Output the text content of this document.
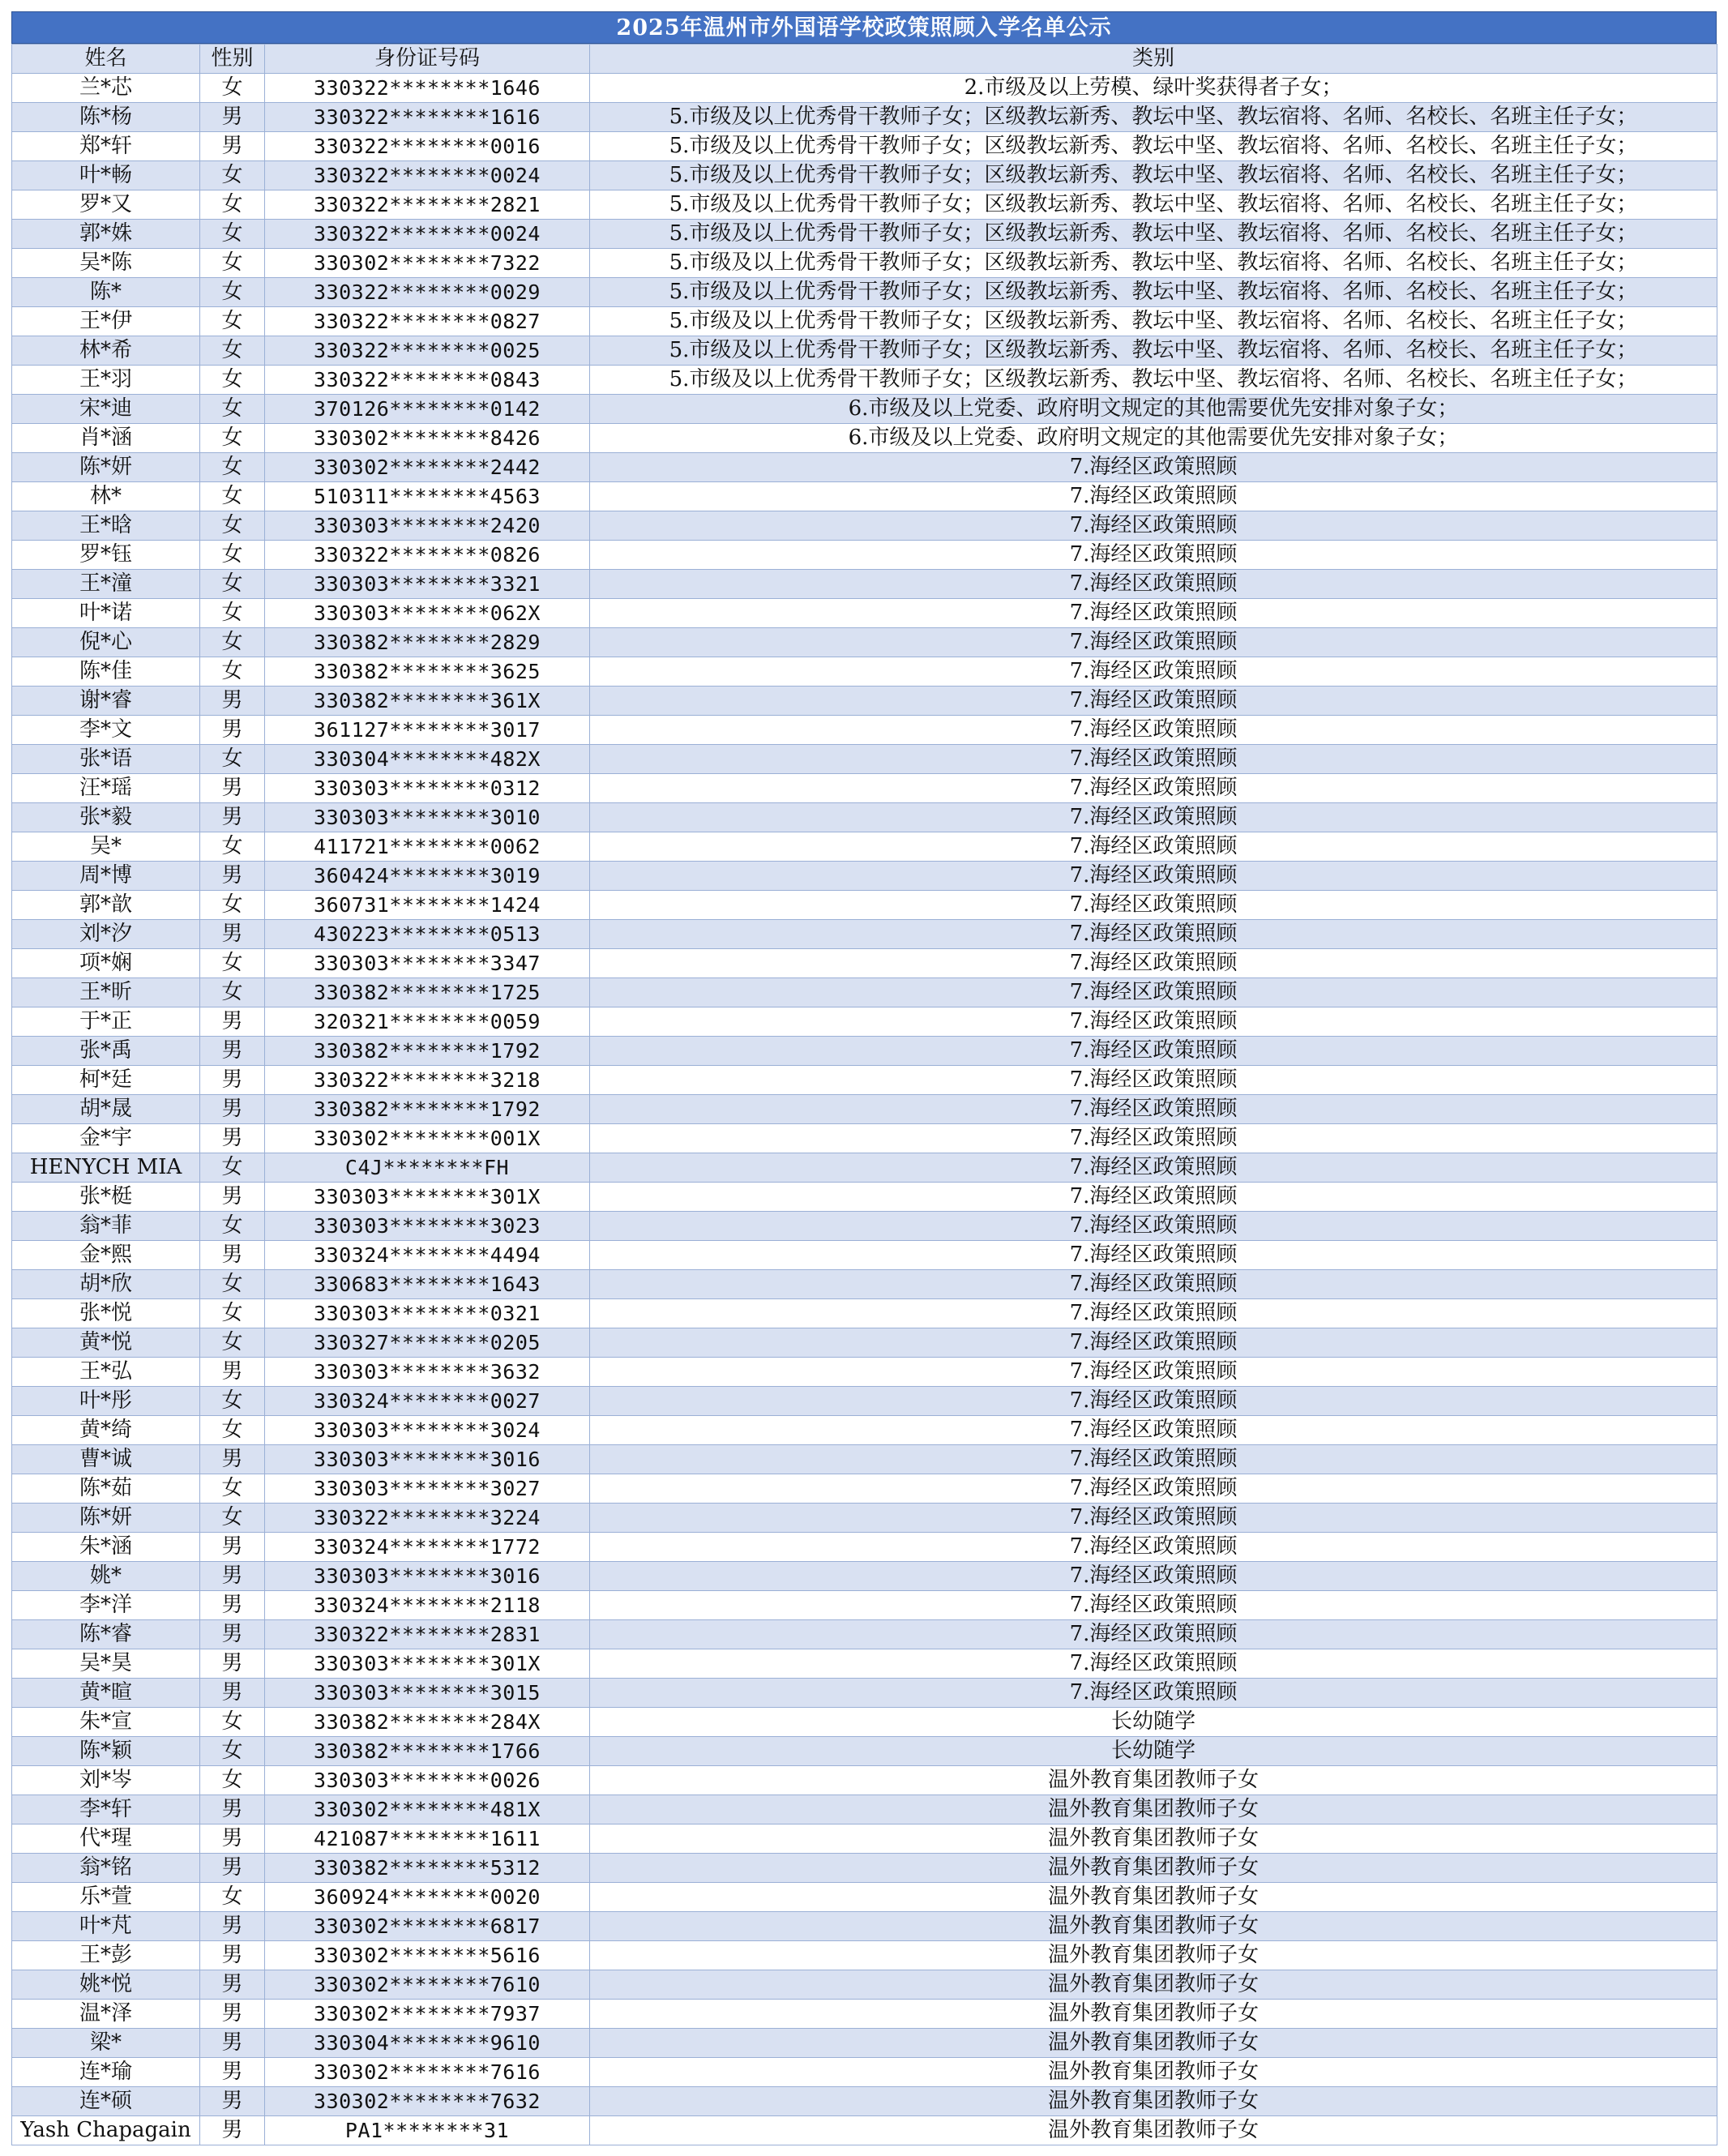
2025年温州市外国语学校政策照顾入学名单公示
姓名	性别	身份证号码	类别
兰*芯	女	330322********1646	2.市级及以上劳模、绿叶奖获得者子女；
陈*杨	男	330322********1616	5.市级及以上优秀骨干教师子女；区级教坛新秀、教坛中坚、教坛宿将、名师、名校长、名班主任子女；
郑*轩	男	330322********0016	5.市级及以上优秀骨干教师子女；区级教坛新秀、教坛中坚、教坛宿将、名师、名校长、名班主任子女；
叶*畅	女	330322********0024	5.市级及以上优秀骨干教师子女；区级教坛新秀、教坛中坚、教坛宿将、名师、名校长、名班主任子女；
罗*又	女	330322********2821	5.市级及以上优秀骨干教师子女；区级教坛新秀、教坛中坚、教坛宿将、名师、名校长、名班主任子女；
郭*姝	女	330322********0024	5.市级及以上优秀骨干教师子女；区级教坛新秀、教坛中坚、教坛宿将、名师、名校长、名班主任子女；
吴*陈	女	330302********7322	5.市级及以上优秀骨干教师子女；区级教坛新秀、教坛中坚、教坛宿将、名师、名校长、名班主任子女；
陈*	女	330322********0029	5.市级及以上优秀骨干教师子女；区级教坛新秀、教坛中坚、教坛宿将、名师、名校长、名班主任子女；
王*伊	女	330322********0827	5.市级及以上优秀骨干教师子女；区级教坛新秀、教坛中坚、教坛宿将、名师、名校长、名班主任子女；
林*希	女	330322********0025	5.市级及以上优秀骨干教师子女；区级教坛新秀、教坛中坚、教坛宿将、名师、名校长、名班主任子女；
王*羽	女	330322********0843	5.市级及以上优秀骨干教师子女；区级教坛新秀、教坛中坚、教坛宿将、名师、名校长、名班主任子女；
宋*迪	女	370126********0142	6.市级及以上党委、政府明文规定的其他需要优先安排对象子女；
肖*涵	女	330302********8426	6.市级及以上党委、政府明文规定的其他需要优先安排对象子女；
陈*妍	女	330302********2442	7.海经区政策照顾
林*	女	510311********4563	7.海经区政策照顾
王*晗	女	330303********2420	7.海经区政策照顾
罗*钰	女	330322********0826	7.海经区政策照顾
王*潼	女	330303********3321	7.海经区政策照顾
叶*诺	女	330303********062X	7.海经区政策照顾
倪*心	女	330382********2829	7.海经区政策照顾
陈*佳	女	330382********3625	7.海经区政策照顾
谢*睿	男	330382********361X	7.海经区政策照顾
李*文	男	361127********3017	7.海经区政策照顾
张*语	女	330304********482X	7.海经区政策照顾
汪*瑶	男	330303********0312	7.海经区政策照顾
张*毅	男	330303********3010	7.海经区政策照顾
吴*	女	411721********0062	7.海经区政策照顾
周*博	男	360424********3019	7.海经区政策照顾
郭*歆	女	360731********1424	7.海经区政策照顾
刘*汐	男	430223********0513	7.海经区政策照顾
项*娴	女	330303********3347	7.海经区政策照顾
王*昕	女	330382********1725	7.海经区政策照顾
于*正	男	320321********0059	7.海经区政策照顾
张*禹	男	330382********1792	7.海经区政策照顾
柯*廷	男	330322********3218	7.海经区政策照顾
胡*晟	男	330382********1792	7.海经区政策照顾
金*宇	男	330302********001X	7.海经区政策照顾
HENYCH MIA	女	C4J********FH	7.海经区政策照顾
张*梃	男	330303********301X	7.海经区政策照顾
翁*菲	女	330303********3023	7.海经区政策照顾
金*熙	男	330324********4494	7.海经区政策照顾
胡*欣	女	330683********1643	7.海经区政策照顾
张*悦	女	330303********0321	7.海经区政策照顾
黄*悦	女	330327********0205	7.海经区政策照顾
王*弘	男	330303********3632	7.海经区政策照顾
叶*彤	女	330324********0027	7.海经区政策照顾
黄*绮	女	330303********3024	7.海经区政策照顾
曹*诚	男	330303********3016	7.海经区政策照顾
陈*茹	女	330303********3027	7.海经区政策照顾
陈*妍	女	330322********3224	7.海经区政策照顾
朱*涵	男	330324********1772	7.海经区政策照顾
姚*	男	330303********3016	7.海经区政策照顾
李*洋	男	330324********2118	7.海经区政策照顾
陈*睿	男	330322********2831	7.海经区政策照顾
吴*昊	男	330303********301X	7.海经区政策照顾
黄*暄	男	330303********3015	7.海经区政策照顾
朱*宣	女	330382********284X	长幼随学
陈*颖	女	330382********1766	长幼随学
刘*岑	女	330303********0026	温外教育集团教师子女
李*轩	男	330302********481X	温外教育集团教师子女
代*瑆	男	421087********1611	温外教育集团教师子女
翁*铭	男	330382********5312	温外教育集团教师子女
乐*萱	女	360924********0020	温外教育集团教师子女
叶*芃	男	330302********6817	温外教育集团教师子女
王*彭	男	330302********5616	温外教育集团教师子女
姚*悦	男	330302********7610	温外教育集团教师子女
温*泽	男	330302********7937	温外教育集团教师子女
梁*	男	330304********9610	温外教育集团教师子女
连*瑜	男	330302********7616	温外教育集团教师子女
连*硕	男	330302********7632	温外教育集团教师子女
Yash Chapagain	男	PA1********31	温外教育集团教师子女
